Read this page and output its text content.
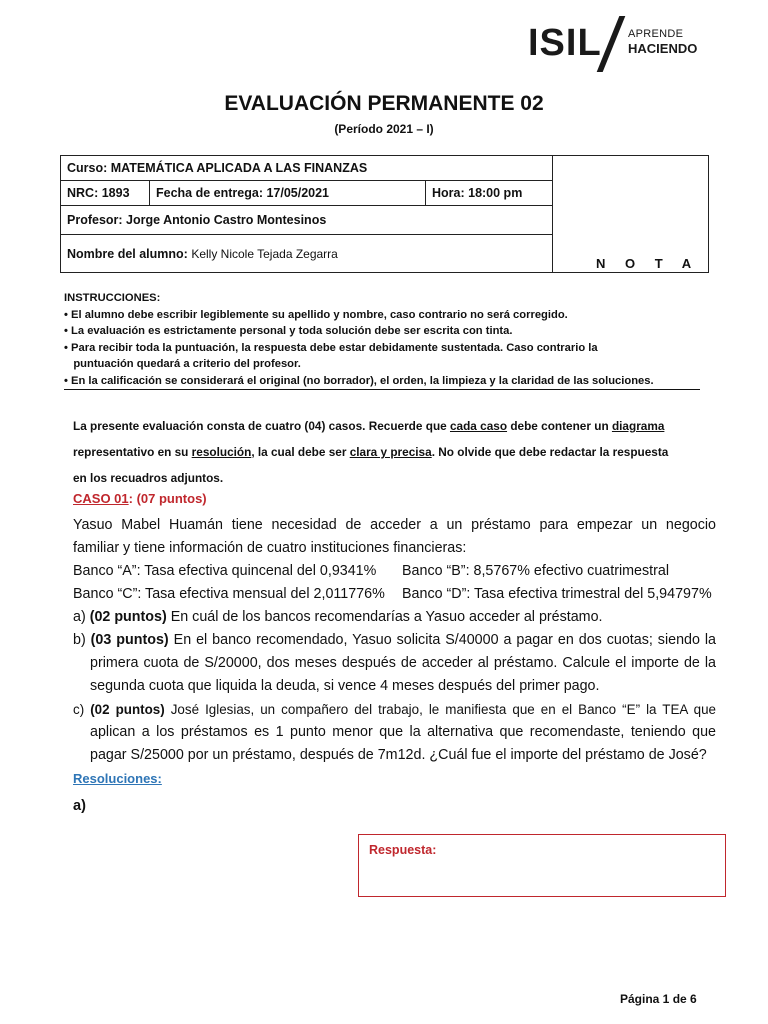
ISIL APRENDE
HACIENDO
EVALUACIÓN PERMANENTE 02
(Período 2021 – I)
Curso: MATEMÁTICA APLICADA A LAS FINANZAS
NRC: 1893	Fecha de entrega: 17/05/2021	Hora: 18:00 pm
Profesor: Jorge Antonio Castro Montesinos
Nombre del alumno: Kelly Nicole Tejada Zegarra
N O T A
INSTRUCCIONES:
• El alumno debe escribir legiblemente su apellido y nombre, caso contrario no será corregido.
• La evaluación es estrictamente personal y toda solución debe ser escrita con tinta.
• Para recibir toda la puntuación, la respuesta debe estar debidamente sustentada. Caso contrario la
puntuación quedará a criterio del profesor.
• En la calificación se considerará el original (no borrador), el orden, la limpieza y la claridad de las soluciones.
La presente evaluación consta de cuatro (04) casos. Recuerde que cada caso debe contener un diagrama
representativo en su resolución, la cual debe ser clara y precisa. No olvide que debe redactar la respuesta
en los recuadros adjuntos.
CASO 01: (07 puntos)
Yasuo Mabel Huamán tiene necesidad de acceder a un préstamo para empezar un negocio
familiar y tiene información de cuatro instituciones financieras:
Banco “A”: Tasa efectiva quincenal del 0,9341% Banco “B”: 8,5767% efectivo cuatrimestral
Banco “C”: Tasa efectiva mensual del 2,011776% Banco “D”: Tasa efectiva trimestral del 5,94797%
a) (02 puntos) En cuál de los bancos recomendarías a Yasuo acceder al préstamo.
b) (03 puntos) En el banco recomendado, Yasuo solicita S/40000 a pagar en dos cuotas; siendo la
primera cuota de S/20000, dos meses después de acceder al préstamo. Calcule el importe de la
segunda cuota que liquida la deuda, si vence 4 meses después del primer pago.
c) (02 puntos) José Iglesias, un compañero del trabajo, le manifiesta que en el Banco “E” la TEA que
aplican a los préstamos es 1 punto menor que la alternativa que recomendaste, teniendo que
pagar S/25000 por un préstamo, después de 7m12d. ¿Cuál fue el importe del préstamo de José?
Resoluciones:
a)
Respuesta:
Página 1 de 6
